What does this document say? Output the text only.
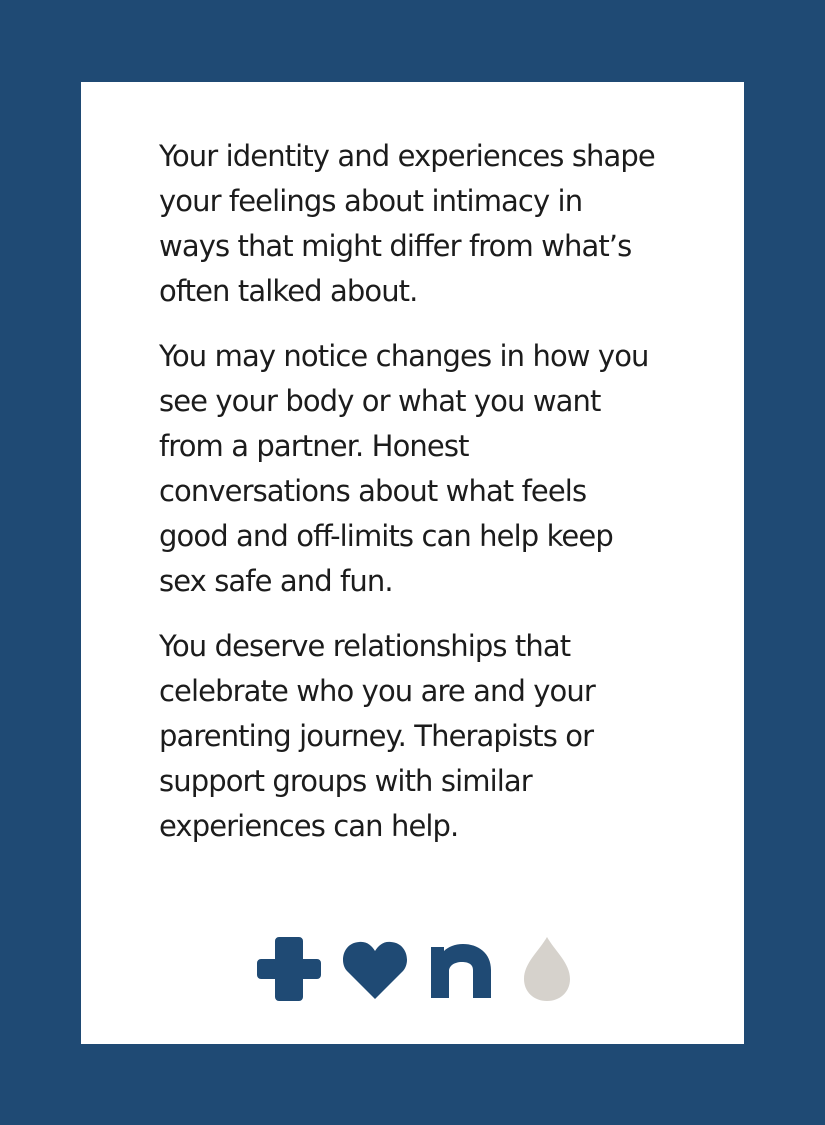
Your identity and experiences shape your feelings about intimacy in ways that might differ from what’s often talked about.

You may notice changes in how you see your body or what you want from a partner. Honest conversations about what feels good and off-limits can help keep sex safe and fun.

You deserve relationships that celebrate who you are and your parenting journey. Therapists or support groups with similar experiences can help.
